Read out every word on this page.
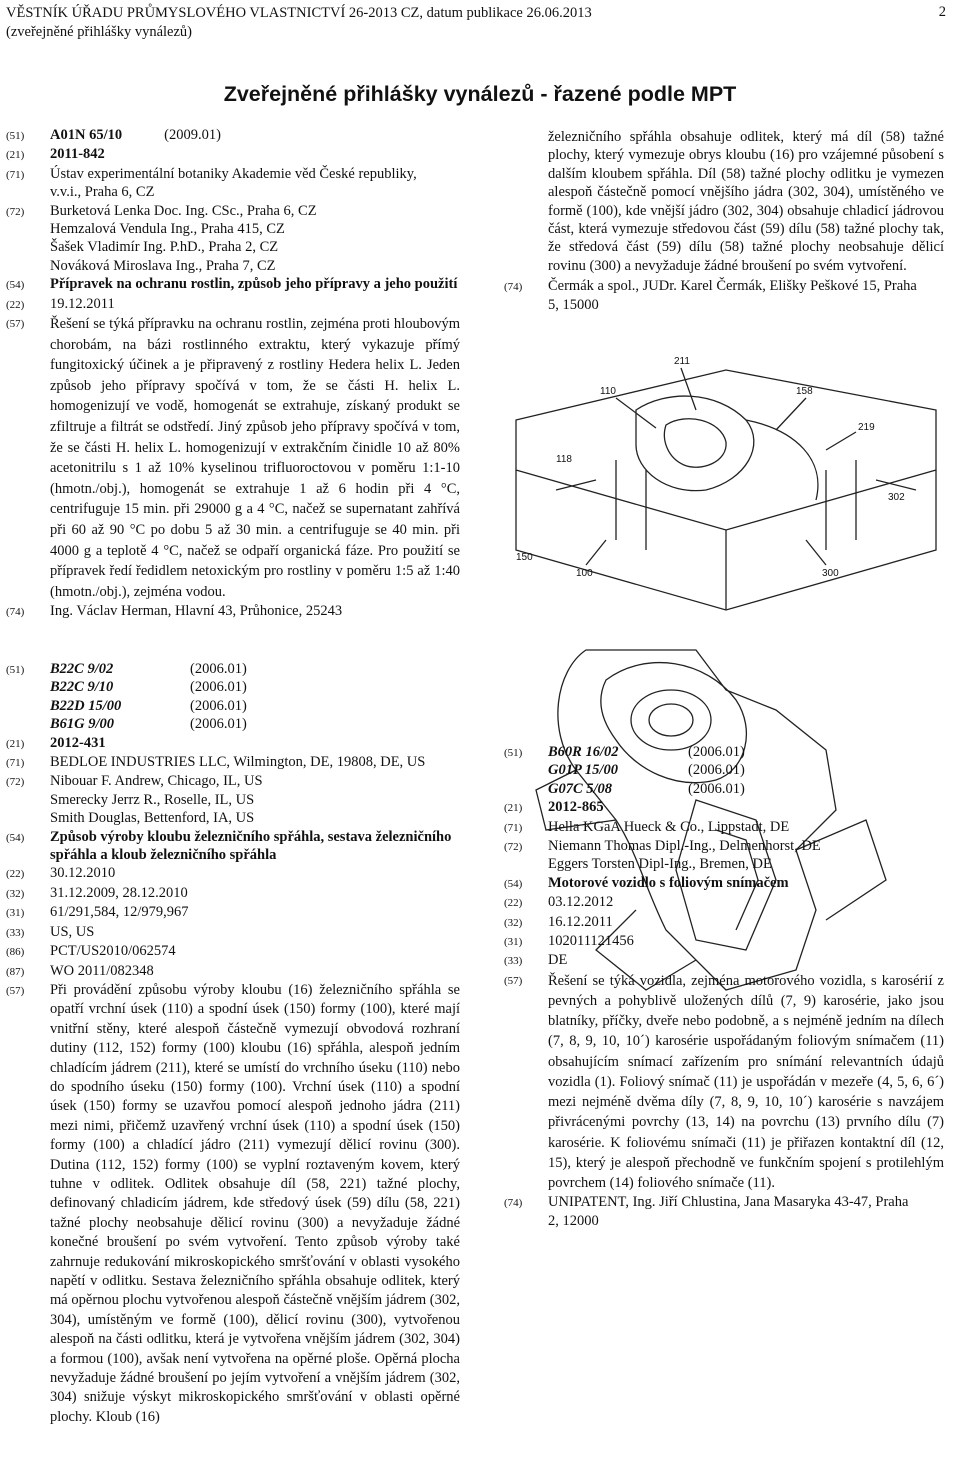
VĚSTNÍK ÚŘADU PRŮMYSLOVÉHO VLASTNICTVÍ 26-2013 CZ, datum publikace 26.06.2013
(zveřejněné přihlášky vynálezů)
2
Zveřejněné přihlášky vynálezů - řazené podle MPT
(51)	A01N 65/10	(2009.01)
(21)	2011-842
(71)	Ústav experimentální botaniky Akademie věd České republiky,
v.v.i., Praha 6, CZ
(72)	Burketová Lenka Doc. Ing. CSc., Praha 6, CZ
Hemzalová Vendula Ing., Praha 415, CZ
Šašek Vladimír Ing. P.hD., Praha 2, CZ
Nováková Miroslava Ing., Praha 7, CZ
(54)	Přípravek na ochranu rostlin, způsob jeho přípravy a jeho použití
(22)	19.12.2011
(57)	Řešení se týká přípravku na ochranu rostlin, zejména proti hloubovým chorobám, na bázi rostlinného extraktu, který vykazuje přímý fungitoxický účinek a je připravený z rostliny Hedera helix L. Jeden způsob jeho přípravy spočívá v tom, že se části H. helix L. homogenizují ve vodě, homogenát se extrahuje, získaný produkt se zfiltruje a filtrát se odstředí. Jiný způsob jeho přípravy spočívá v tom, že se části H. helix L. homogenizují v extrakčním činidle 10 až 80% acetonitrilu s 1 až 10% kyselinou trifluoroctovou v poměru 1:1-10 (hmotn./obj.), homogenát se extrahuje 1 až 6 hodin při 4 °C, centrifuguje 15 min. při 29000 g a 4 °C, načež se supernatant zahřívá při 60 až 90 °C po dobu 5 až 30 min. a centrifuguje se 40 min. při 4000 g a teplotě 4 °C, načež se odpaří organická fáze. Pro použití se přípravek ředí ředidlem netoxickým pro rostliny v poměru 1:5 až 1:40 (hmotn./obj.), zejména vodou.
(74)	Ing. Václav Herman, Hlavní 43, Průhonice, 25243
(51)	B22C 9/02	(2006.01)
B22C 9/10	(2006.01)
B22D 15/00	(2006.01)
B61G 9/00	(2006.01)
(21)	2012-431
(71)	BEDLOE INDUSTRIES LLC, Wilmington, DE, 19808, DE, US
(72)	Nibouar F. Andrew, Chicago, IL, US
Smerecky Jerrz R., Roselle, IL, US
Smith Douglas, Bettenford, IA, US
(54)	Způsob výroby kloubu železničního spřáhla, sestava železničního spřáhla a kloub železničního spřáhla
(22)	30.12.2010
(32)	31.12.2009, 28.12.2010
(31)	61/291,584, 12/979,967
(33)	US, US
(86)	PCT/US2010/062574
(87)	WO 2011/082348
(57)	Při provádění způsobu výroby kloubu (16) železničního spřáhla se opatří vrchní úsek (110) a spodní úsek (150) formy (100), které mají vnitřní stěny, které alespoň částečně vymezují obvodová rozhraní dutiny (112, 152) formy (100) kloubu (16) spřáhla, alespoň jedním chladícím jádrem (211), které se umístí do vrchního úseku (110) nebo do spodního úseku (150) formy (100). Vrchní úsek (110) a spodní úsek (150) formy se uzavřou pomocí alespoň jednoho jádra (211) mezi nimi, přičemž uzavřený vrchní úsek (110) a spodní úsek (150) formy (100) a chladící jádro (211) vymezují dělicí rovinu (300). Dutina (112, 152) formy (100) se vyplní roztaveným kovem, který tuhne v odlitek. Odlitek obsahuje díl (58, 221) tažné plochy, definovaný chladicím jádrem, kde středový úsek (59) dílu (58, 221) tažné plochy neobsahuje dělicí rovinu (300) a nevyžaduje žádné konečné broušení po svém vytvoření. Tento způsob výroby také zahrnuje redukování mikroskopického smršťování v oblasti vysokého napětí v odlitku. Sestava železničního spřáhla obsahuje odlitek, který má opěrnou plochu vytvořenou alespoň částečně vnějším jádrem (302, 304), umístěným ve formě (100), dělicí rovinu (300), vytvořenou alespoň na části odlitku, která je vytvořena vnějším jádrem (302, 304) a formou (100), avšak není vytvořena na opěrné ploše. Opěrná plocha nevyžaduje žádné broušení po jejím vytvoření a vnějším jádrem (302, 304) snižuje výskyt mikroskopického smršťování v oblasti opěrné plochy. Kloub (16)
železničního spřáhla obsahuje odlitek, který má díl (58) tažné plochy, který vymezuje obrys kloubu (16) pro vzájemné působení s dalším kloubem spřáhla. Díl (58) tažné plochy odlitku je vymezen alespoň částečně pomocí vnějšího jádra (302, 304), umístěného ve formě (100), kde vnější jádro (302, 304) obsahuje chladicí jádrovou část, která vymezuje středovou část (59) dílu (58) tažné plochy tak, že středová část (59) dílu (58) tažné plochy neobsahuje dělicí rovinu (300) a nevyžaduje žádné broušení po svém vytvoření.
(74)	Čermák a spol., JUDr. Karel Čermák, Elišky Peškové 15, Praha
5, 15000
211
158
110
219
118
302
150
100	300
(51)	B60R 16/02	(2006.01)
G01P 15/00	(2006.01)
G07C 5/08	(2006.01)
(21)	2012-865
(71)	Hella KGaA Hueck & Co., Lippstadt, DE
(72)	Niemann Thomas Dipl.-Ing., Delmenhorst, DE
Eggers Torsten Dipl-Ing., Bremen, DE
(54)	Motorové vozidlo s foliovým snímačem
(22)	03.12.2012
(32)	16.12.2011
(31)	102011121456
(33)	DE
(57)	Řešení se týká vozidla, zejména motorového vozidla, s karosérií z pevných a pohyblivě uložených dílů (7, 9) karosérie, jako jsou blatníky, příčky, dveře nebo podobně, a s nejméně jedním na dílech (7, 8, 9, 10, 10´) karosérie uspořádaným foliovým snímačem (11) obsahujícím snímací zařízením pro snímání relevantních údajů vozidla (1). Foliový snímač (11) je uspořádán v mezeře (4, 5, 6, 6´) mezi nejméně dvěma díly (7, 8, 9, 10, 10´) karosérie s navzájem přivrácenými povrchy (13, 14) na povrchu (13) prvního dílu (7) karosérie. K foliovému snímači (11) je přiřazen kontaktní díl (12, 15), který je alespoň přechodně ve funkčním spojení s protilehlým povrchem (14) foliového snímače (11).
(74)	UNIPATENT, Ing. Jiří Chlustina, Jana Masaryka 43-47, Praha
2, 12000
